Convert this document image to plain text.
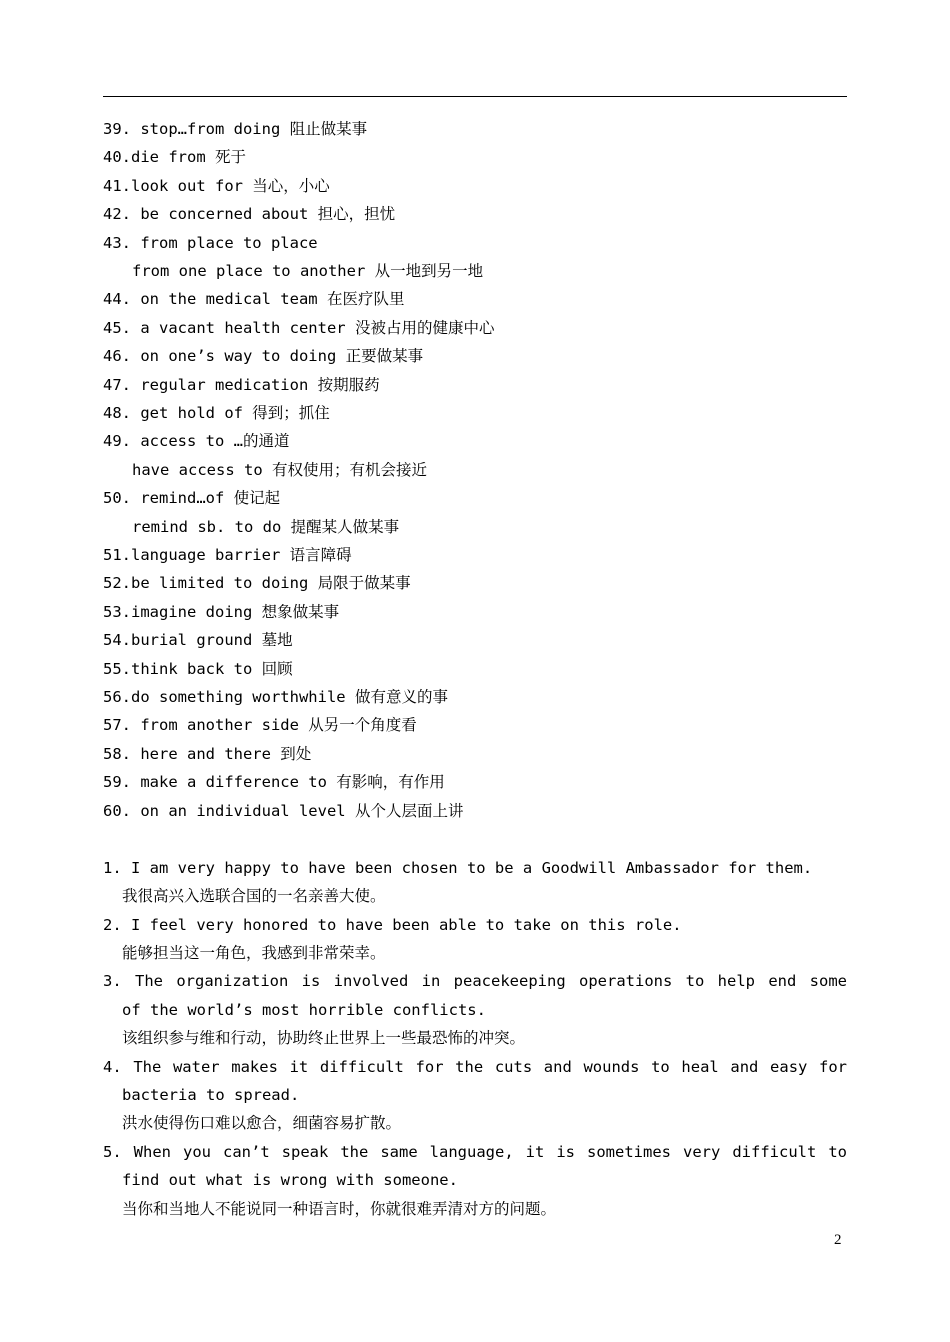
39. stop…from doing 阻止做某事
40.die from 死于
41.look out for 当心，小心
42. be concerned about 担心，担忧
43. from place to place
from one place to another 从一地到另一地
44. on the medical team 在医疗队里
45. a vacant health center 没被占用的健康中心
46. on one’s way to doing 正要做某事
47. regular medication 按期服药
48. get hold of 得到；抓住
49. access to …的通道
have access to 有权使用；有机会接近
50. remind…of 使记起
remind sb. to do 提醒某人做某事
51.language barrier 语言障碍
52.be limited to doing 局限于做某事
53.imagine doing 想象做某事
54.burial ground 墓地
55.think back to 回顾
56.do something worthwhile 做有意义的事
57. from another side 从另一个角度看
58. here and there 到处
59. make a difference to 有影响，有作用
60. on an individual level 从个人层面上讲
1. I am very happy to have been chosen to be a Goodwill Ambassador for them.
我很高兴入选联合国的一名亲善大使。
2. I feel very honored to have been able to take on this role.
能够担当这一角色，我感到非常荣幸。
3. The organization is involved in peacekeeping operations to help end some
of the world’s most horrible conflicts.
该组织参与维和行动，协助终止世界上一些最恐怖的冲突。
4. The water makes it difficult for the cuts and wounds to heal and easy for
bacteria to spread.
洪水使得伤口难以愈合，细菌容易扩散。
5. When you can’t speak the same language, it is sometimes very difficult to
find out what is wrong with someone.
当你和当地人不能说同一种语言时，你就很难弄清对方的问题。
2
